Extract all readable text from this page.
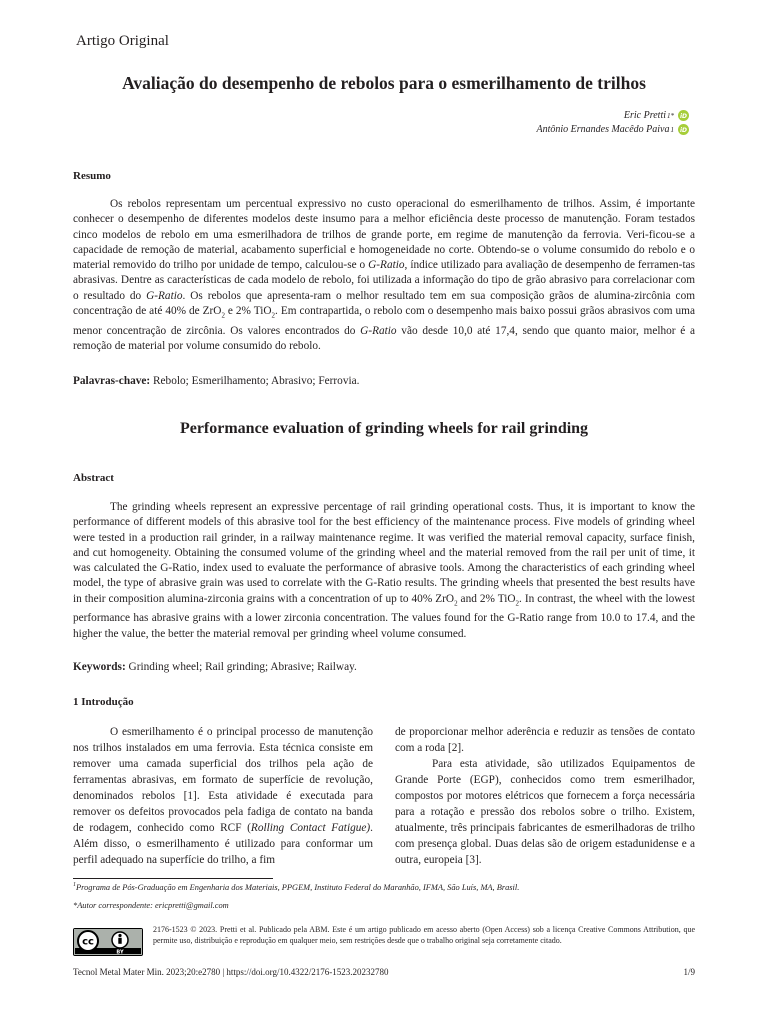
Artigo Original
Avaliação do desempenho de rebolos para o esmerilhamento de trilhos
Eric Pretti 1* iD
Antônio Ernandes Macêdo Paiva 1 iD
Resumo

Os rebolos representam um percentual expressivo no custo operacional do esmerilhamento de trilhos. Assim, é importante conhecer o desempenho de diferentes modelos deste insumo para a melhor eficiência deste processo de manutenção. Foram testados cinco modelos de rebolo em uma esmerilhadora de trilhos de grande porte, em regime de manutenção da ferrovia. Veri-ficou-se a capacidade de remoção de material, acabamento superficial e homogeneidade no corte. Obtendo-se o volume consumido do rebolo e o material removido do trilho por unidade de tempo, calculou-se o G-Ratio, índice utilizado para avaliação de desempenho de ferramen-tas abrasivas. Dentre as características de cada modelo de rebolo, foi utilizada a informação do tipo de grão abrasivo para correlacionar com o resultado do G-Ratio. Os rebolos que apresenta-ram o melhor resultado tem em sua composição grãos de alumina-zircônia com concentração de até 40% de ZrO$_2$ e 2% TiO$_2$. Em contrapartida, o rebolo com o desempenho mais baixo possui grãos abrasivos com uma menor concentração de zircônia. Os valores encontrados do G-Ratio vão desde 10,0 até 17,4, sendo que quanto maior, melhor é a remoção de material por volume consumido do rebolo.

Palavras-chave: Rebolo; Esmerilhamento; Abrasivo; Ferrovia.
Performance evaluation of grinding wheels for rail grinding
Abstract

The grinding wheels represent an expressive percentage of rail grinding operational costs. Thus, it is important to know the performance of different models of this abrasive tool for the best efficiency of the maintenance process. Five models of grinding wheel were tested in a production rail grinder, in a railway maintenance regime. It was verified the material removal capacity, surface finish, and cut homogeneity. Obtaining the consumed volume of the grinding wheel and the material removed from the rail per unit of time, it was calculated the G-Ratio, index used to evaluate the performance of abrasive tools. Among the characteristics of each grinding wheel model, the type of abrasive grain was used to correlate with the G-Ratio results. The grinding wheels that presented the best results have in their composition alumina-zirconia grains with a concentration of up to 40% ZrO$_2$ and 2% TiO$_2$. In contrast, the wheel with the lowest performance has abrasive grains with a lower zirconia concentration. The values found for the G-Ratio range from 10.0 to 17.4, and the higher the value, the better the material removal per grinding wheel volume consumed.

Keywords: Grinding wheel; Rail grinding; Abrasive; Railway.
1 Introdução

O esmerilhamento é o principal processo de manutenção nos trilhos instalados em uma ferrovia. Esta técnica consiste em remover uma camada superficial dos trilhos pela ação de ferramentas abrasivas, em formato de superfície de revolução, denominados rebolos [1]. Esta atividade é executada para remover os defeitos provocados pela fadiga de contato na banda de rodagem, conhecido como RCF (Rolling Contact Fatigue). Além disso, o esmerilhamento é utilizado para conformar um perfil adequado na superfície do trilho, a fim

de proporcionar melhor aderência e reduzir as tensões de contato com a roda [2].

Para esta atividade, são utilizados Equipamentos de Grande Porte (EGP), conhecidos como trem esmerilhador, compostos por motores elétricos que fornecem a força necessária para a rotação e pressão dos rebolos sobre o trilho. Existem, atualmente, três principais fabricantes de esmerilhadoras de trilho com presença global. Duas delas são de origem estadunidense e a outra, europeia [3].

$^1$Programa de Pós-Graduação em Engenharia dos Materiais, PPGEM, Instituto Federal do Maranhão, IFMA, São Luís, MA, Brasil.
*Autor correspondente: ericpretti@gmail.com
cc
BY
2176-1523 © 2023. Pretti et al. Publicado pela ABM. Este é um artigo publicado em acesso aberto (Open Access) sob a licença Creative Commons Attribution, que permite uso, distribuição e reprodução em qualquer meio, sem restrições desde que o trabalho original seja corretamente citado.
Tecnol Metal Mater Min. 2023;20:e2780 | https://doi.org/10.4322/2176-1523.20232780	1/9
